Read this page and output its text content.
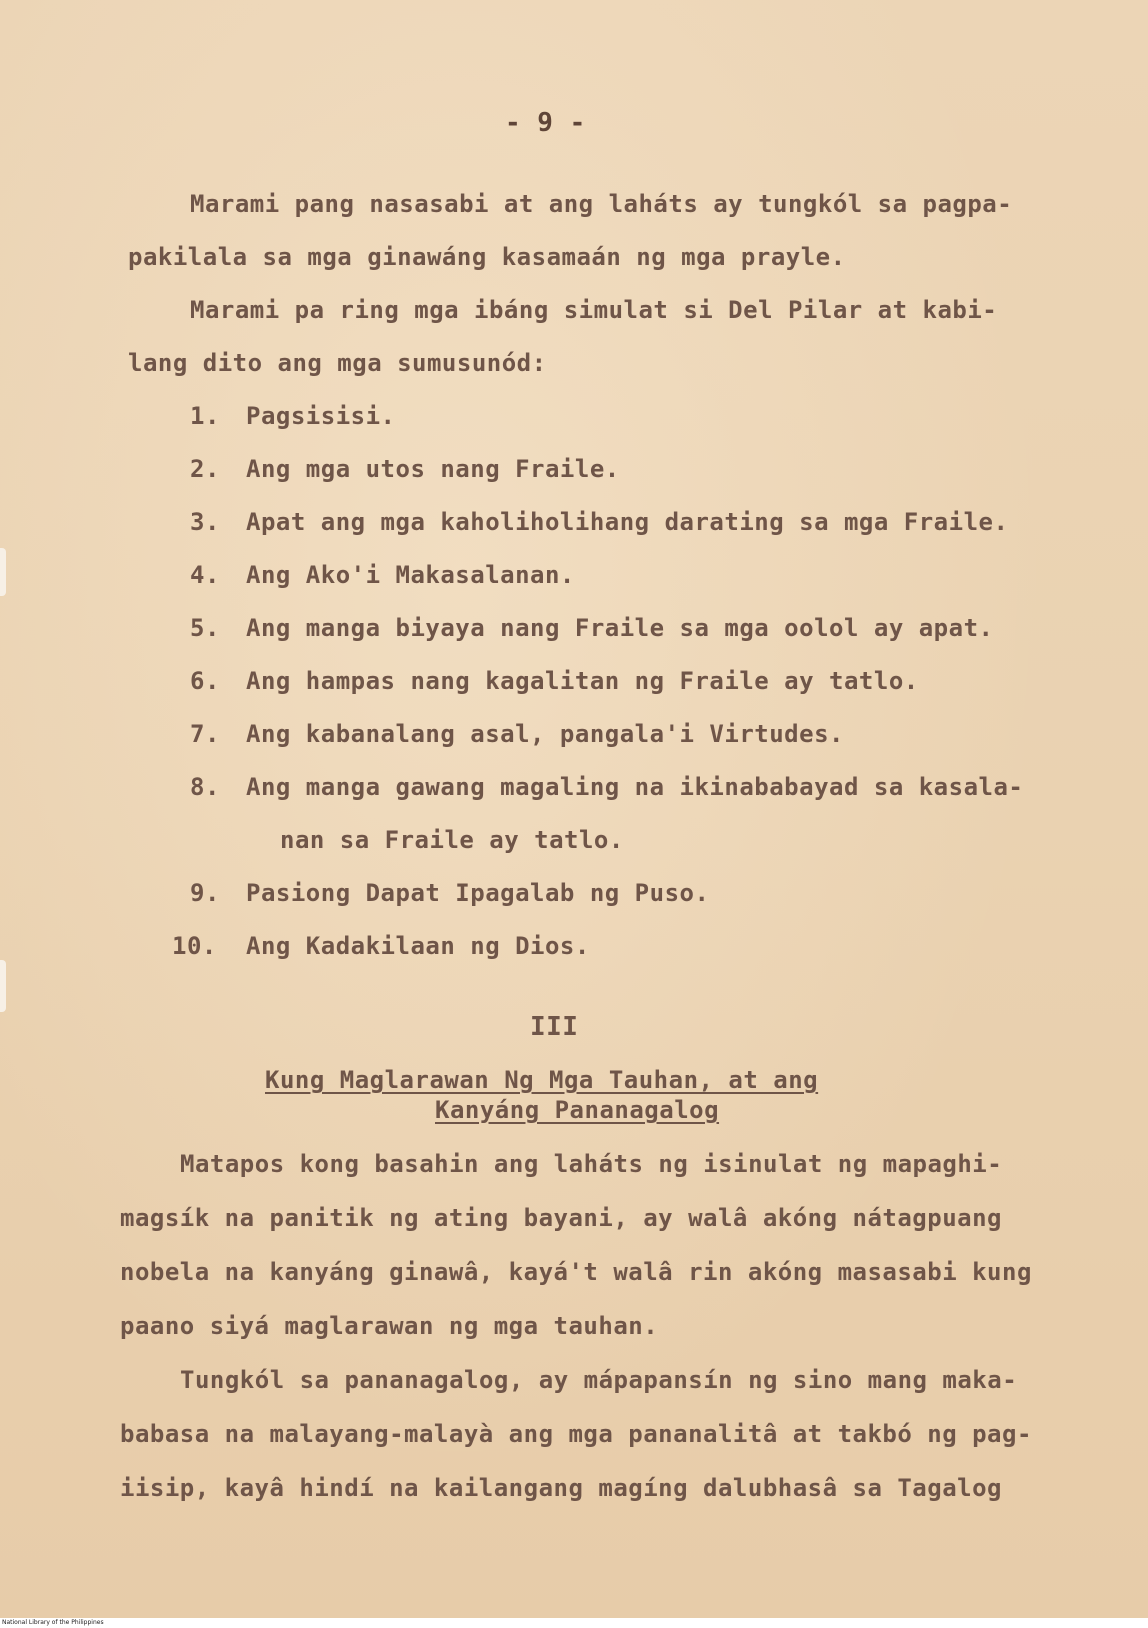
- 9 -
Marami pang nasasabi at ang laháts ay tungkól sa pagpa-
pakilala sa mga ginawáng kasamaán ng mga prayle.
Marami pa ring mga ibáng simulat si Del Pilar at kabi-
lang dito ang mga sumusunód:
1. Pagsisisi.
2. Ang mga utos nang Fraile.
3. Apat ang mga kaholiholihang darating sa mga Fraile.
4. Ang Ako'i Makasalanan.
5. Ang manga biyaya nang Fraile sa mga oolol ay apat.
6. Ang hampas nang kagalitan ng Fraile ay tatlo.
7. Ang kabanalang asal, pangala'i Virtudes.
8. Ang manga gawang magaling na ikinababayad sa kasala-
nan sa Fraile ay tatlo.
9. Pasiong Dapat Ipagalab ng Puso.
10. Ang Kadakilaan ng Dios.
III
Kung Maglarawan Ng Mga Tauhan, at ang
Kanyáng Pananagalog
Matapos kong basahin ang laháts ng isinulat ng mapaghi-
magsík na panitik ng ating bayani, ay walâ akóng nátagpuang
nobela na kanyáng ginawâ, kayá't walâ rin akóng masasabi kung
paano siyá maglarawan ng mga tauhan.
Tungkól sa pananagalog, ay mápapansín ng sino mang maka-
babasa na malayang-malayà ang mga pananalitâ at takbó ng pag-
iisip, kayâ hindí na kailangang magíng dalubhasâ sa Tagalog
National Library of the Philippines
